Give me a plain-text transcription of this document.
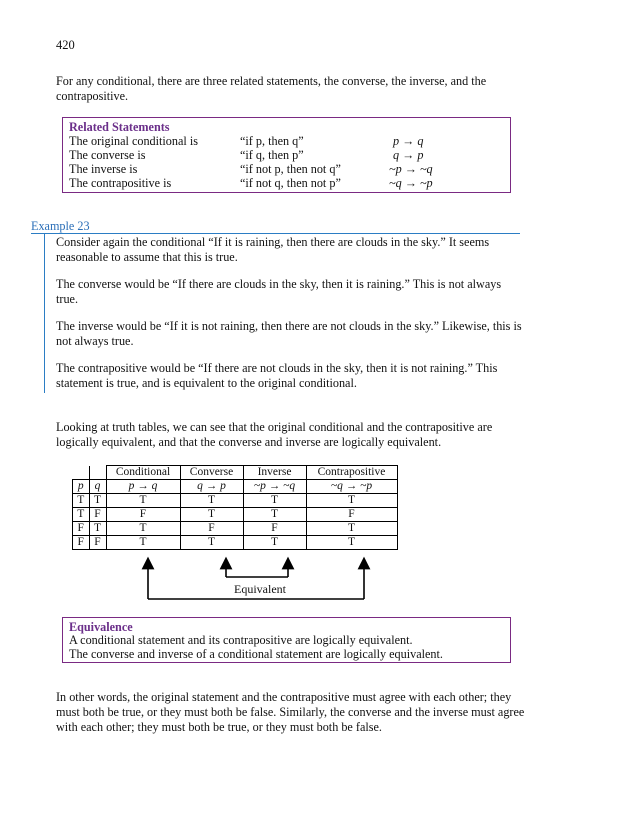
420
For any conditional, there are three related statements, the converse, the inverse, and the contrapositive.
Related Statements
The original conditional is	“if p, then q”	p → q
The converse is	“if q, then p”	q → p
The inverse is	“if not p, then not q”	~p → ~q
The contrapositive is	“if not q, then not p”	~q → ~p
Example 23

Consider again the conditional “If it is raining, then there are clouds in the sky.” It seems reasonable to assume that this is true.

The converse would be “If there are clouds in the sky, then it is raining.” This is not always true.

The inverse would be “If it is not raining, then there are not clouds in the sky.” Likewise, this is not always true.

The contrapositive would be “If there are not clouds in the sky, then it is not raining.” This statement is true, and is equivalent to the original conditional.

Looking at truth tables, we can see that the original conditional and the contrapositive are logically equivalent, and that the converse and inverse are logically equivalent.
		Conditional	Converse	Inverse	Contrapositive
p	q	p → q	q → p	~p → ~q	~q → ~p
T	T	T	T	T	T
T	F	F	T	T	F
F	T	T	F	F	T
F	F	T	T	T	T
Equivalent
Equivalence
A conditional statement and its contrapositive are logically equivalent.
The converse and inverse of a conditional statement are logically equivalent.
In other words, the original statement and the contrapositive must agree with each other; they must both be true, or they must both be false. Similarly, the converse and the inverse must agree with each other; they must both be true, or they must both be false.
